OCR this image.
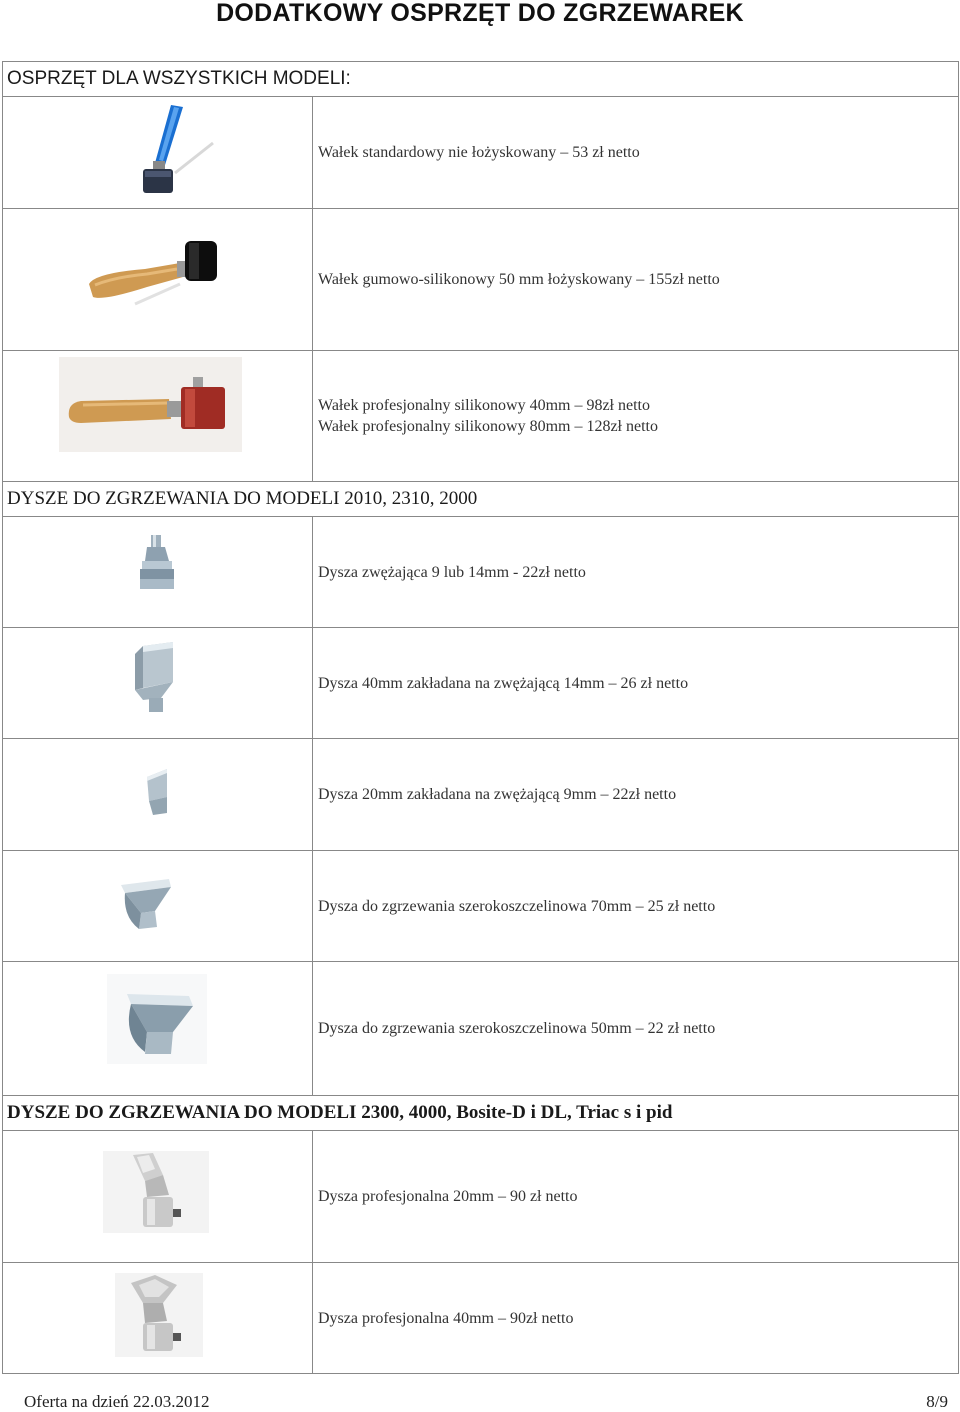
DODATKOWY OSPRZĘT DO ZGRZEWAREK
OSPRZĘT DLA WSZYSTKICH MODELI:
Wałek standardowy nie łożyskowany – 53 zł netto
Wałek gumowo-silikonowy 50 mm łożyskowany – 155zł netto
Wałek profesjonalny silikonowy 40mm – 98zł netto
Wałek profesjonalny silikonowy 80mm – 128zł netto
DYSZE DO ZGRZEWANIA DO MODELI 2010, 2310, 2000
Dysza zwężająca 9 lub 14mm - 22zł netto
Dysza 40mm zakładana na zwężającą 14mm – 26 zł netto
Dysza 20mm zakładana na zwężającą 9mm – 22zł netto
Dysza do zgrzewania szerokoszczelinowa 70mm – 25 zł netto
Dysza do zgrzewania szerokoszczelinowa 50mm – 22 zł netto
DYSZE DO ZGRZEWANIA DO MODELI 2300, 4000, Bosite-D i DL, Triac s i pid
Dysza profesjonalna 20mm – 90 zł netto
Dysza profesjonalna 40mm – 90zł netto
Oferta na dzień 22.03.2012	8/9
